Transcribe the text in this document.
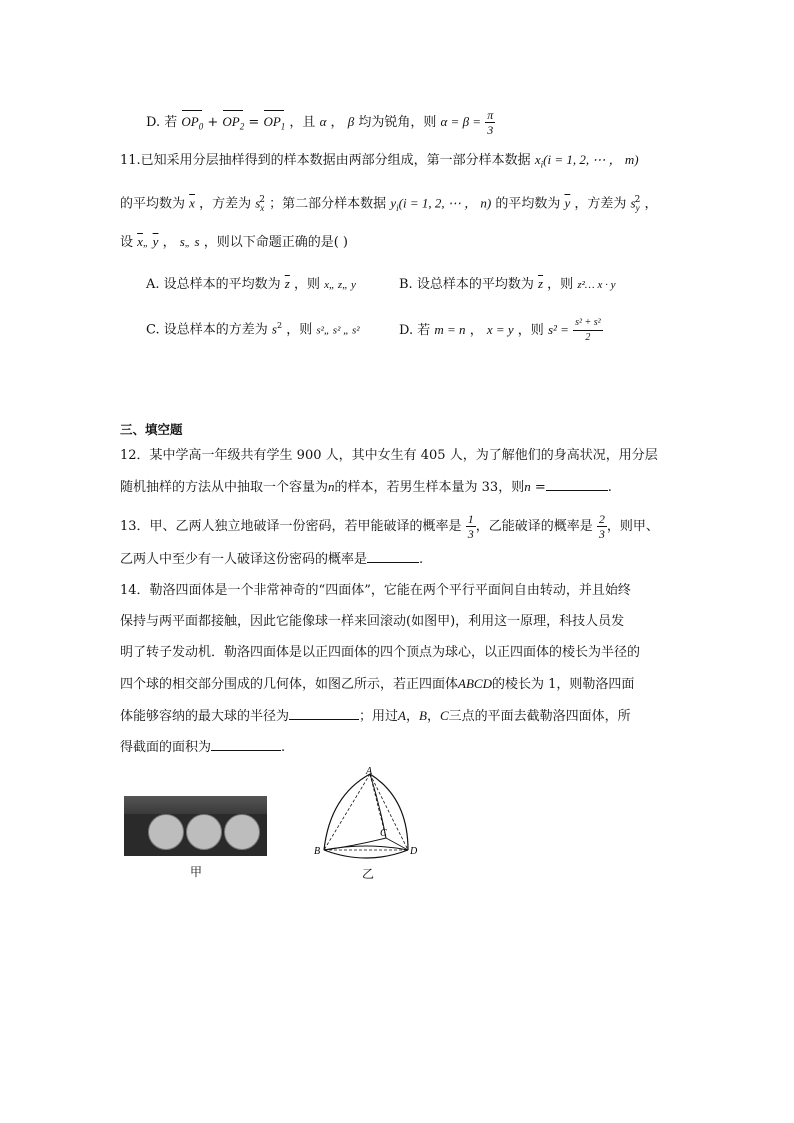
D. 若 $OP_0 + OP_2 = OP_1$ ，且 α ， β 均为锐角，则 $\alpha = \beta = \frac{\pi}{3}$
11.已知采用分层抽样得到的样本数据由两部分组成，第一部分样本数据 $x_i(i = 1$, 2, ⋯ ， m)
的平均数为 $\overline{x}$ ，方差为 $s_x^2$ ；第二部分样本数据 $y_i(i = 1$, 2, ⋯ ， n) 的平均数为 $\overline{y}$ ，方差为 $s_y^2$ ，
设 $\overline{x}„$ $\overline{y}$ ， s„ s ，则以下命题正确的是( )
A. 设总样本的平均数为 $\overline{z}$ ，则 x„ z„ y	B. 设总样本的平均数为 $\overline{z}$ ，则 z²… x · y
C. 设总样本的方差为 $s^2$ ，则 s²„ s² „ s²	D. 若 m = n ， x = y ，则 $s^2 = \frac{\text{s² + s²}}{2}$
三、填空题
12．某中学高一年级共有学生 900 人，其中女生有 405 人，为了解他们的身高状况，用分层
随机抽样的方法从中抽取一个容量为n的样本，若男生样本量为 33，则n =	.
13．甲、乙两人独立地破译一份密码，若甲能破译的概率是 $\frac{1}{3}$ ，乙能破译的概率是 $\frac{2}{3}$ ，则甲、
乙两人中至少有一人破译这份密码的概率是	.
14．勒洛四面体是一个非常神奇的“四面体”，它能在两个平行平面间自由转动，并且始终
保持与两平面都接触，因此它能像球一样来回滚动(如图甲)，利用这一原理，科技人员发
明了转子发动机．勒洛四面体是以正四面体的四个顶点为球心，以正四面体的棱长为半径的
四个球的相交部分围成的几何体，如图乙所示，若正四面体ABCD的棱长为 1，则勒洛四面
体能够容纳的最大球的半径为	；用过A，B，C三点的平面去截勒洛四面体，所
得截面的面积为	.
甲
A
B
C
D
乙
